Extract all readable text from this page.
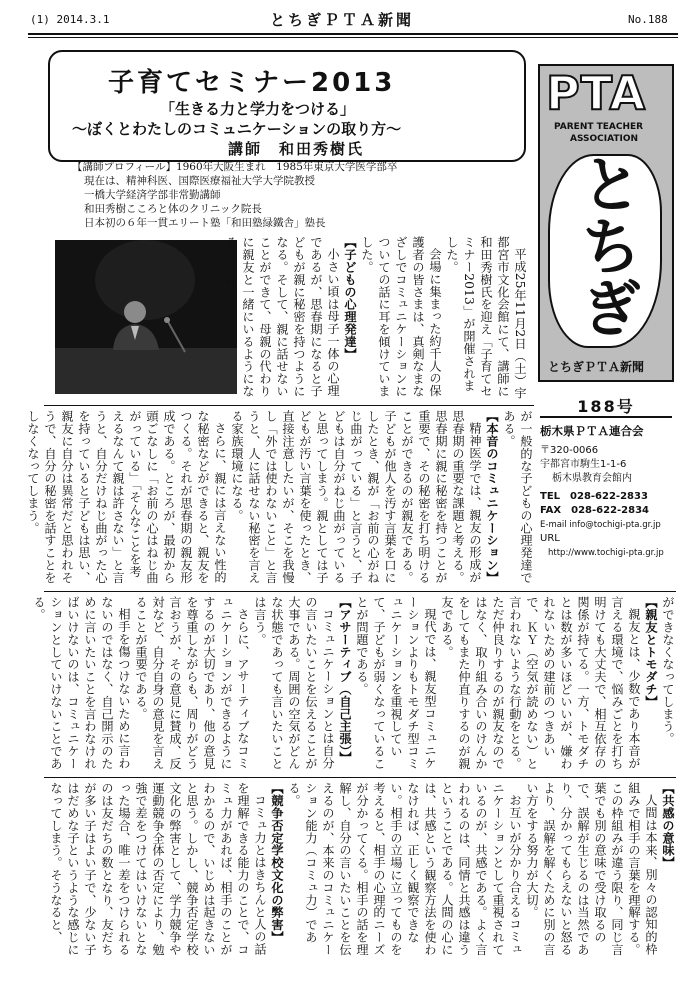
(1) 2014.3.1	とちぎＰＴＡ新聞	No.188
子育てセミナー2013
「生きる力と学力をつける」
～ぼくとわたしのコミュニケーションの取り方～
講師　和田秀樹氏
【講師プロフィール】1960年大阪生まれ　1985年東京大学医学部卒
現在は、精神科医、国際医療福祉大学大学院教授
一橋大学経済学部非常勤講師
和田秀樹こころと体のクリニック院長
日本初の６年一貫エリート塾「和田塾緑鐵舎」塾長
PTA
PARENT TEACHER
ASSOCIATION
とちぎ
とちぎＰＴＡ新聞
188号
栃木県ＰＴＡ連合会
〒320-0066
宇都宮市駒生1-1-6
栃木県教育会館内
TEL　028-622-2833
FAX　028-622-2834
E-mail info@tochigi-pta.gr.jp
URL
http://www.tochigi-pta.gr.jp

平成25年11月2日（土）宇都宮市文化会館にて、講師に和田秀樹氏を迎え「子育てセミナー2013」が開催されました。

会場に集まった約千人の保護者の皆さまは、真剣なまなざしでコミュニケーションについての話に耳を傾けていました。

【子どもの心理発達】

小さい頃は母子一体の心理であるが、思春期になると子どもが親に秘密を持つようになる。そして、親に話せないことができて、母親の代わりに親友と一緒にいるようになる。これ

が一般的な子どもの心理発達である。

【本音のコミュニケーション】

精神医学では、親友の形成が思春期の重要な課題と考える。思春期に親に秘密を持つことが重要で、その秘密を打ち明けることができるのが親友である。子どもが他人を汚す言葉を口にしたとき、親が「お前の心がねじ曲がっている」と言うと、子どもは自分がねじ曲がっていると思ってしまう。親としては子どもが汚い言葉を使ったとき、直接注意したいが、そこを我慢し「外では使わないこと」と言うと、人に話せない秘密を言える家族環境になる。

さらに、親には言えない性的な秘密などができると、親友をつくる。それが思春期の親友形成である。ところが、最初から頭ごなしに「お前の心はねじ曲がっている」「そんなことを考えるなんて親は許さない」と言うと、自分だけねじ曲がった心を持っていると子どもは思い、親友に自分は異常だと思われそうで、自分の秘密を話すことをしなくなってしまう。

ができなくなってしまう。

【親友とトモダチ】

親友とは、少数であり本音が言える環境で、悩みごとを打ち明けても大丈夫で、相互依存の関係が持てる。一方、トモダチとは数が多いほどいいが、嫌われないための建前のつきあいで、ＫＹ（空気が読めない）と言われないような行動をとる。ただ仲良りするのが親友なのではなく、取り組み合いのけんかをしてもまた仲直りするのが親友である。

現代では、親友型コミュニケーションよりもトモダチ型コミュニケーションを重視していて、子どもが弱くなっていることが問題である。

【アサーティブ（自己主張）】

コミュニケーションとは自分の言いたいことを伝えることが大事である。周囲の空気がどんな状態であっても言いたいことは言う。

さらに、アサーティブなコミュニケーションができるようにするのが大切であり、他の意見を尊重しながらも、周りがどう言おうが、その意見に賛成、反対など、自分自身の意見を言えることが重要である。

相手を傷つけないために言わないのではなく、自己開示のために言いたいことを言わなければいけないのは、コミュニケーションとしていけないことである。

【共感の意味】

人間は本来、別々の認知的枠組みで相手の言葉を理解する。この枠組みが違う限り、同じ言葉でも別の意味で受け取るので、誤解が生じるのは当然であり、分かってもらえないと怒るより、誤解を解くために別の言い方をする努力が大切。

お互いが分かり合えるコミュニケーションとして重視されているのが、共感である。よく言われるのは、同情と共感は違うということである。人間の心には、共感という観察方法を使わなければ、正しく観察できない。相手の立場に立ってものを考えると、相手の心理的ニーズが分かってくる。相手の話を理解し、自分の言いたいことを伝えるのが、本来のコミュニケーション能力（コミュ力）である。

【競争否定学校文化の弊害】

コミュ力とはきちんと人の話を理解できる能力のことで、コミュ力があれば、相手のことがわかるので、いじめは起きないと思う。しかし、競争否定学校文化の弊害として、学力競争や運動競争全体の否定により、勉強で差をつけてはいけないとなった場合、唯一差をつけられるのは友だちの数となり、友だちが多い子はよい子で、少ない子はだめな子というような感じになってしまう。そうなると、
